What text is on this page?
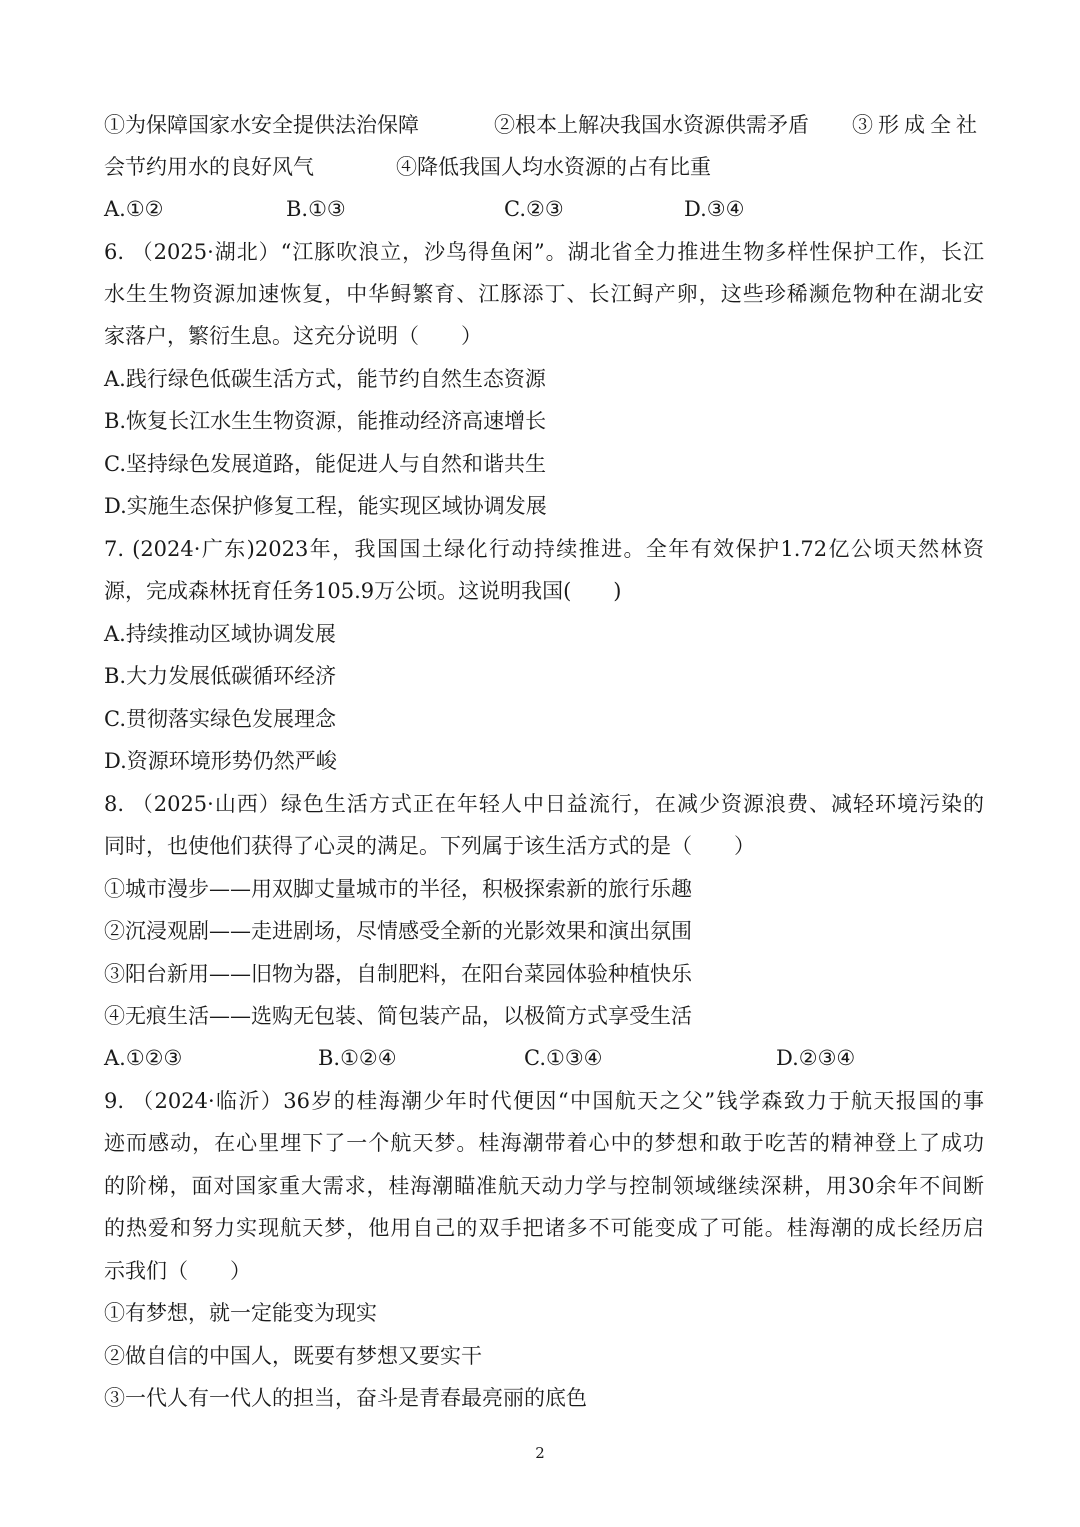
①为保障国家水安全提供法治保障	②根本上解决我国水资源供需矛盾 ③形成全社
会节约用水的良好风气	④降低我国人均水资源的占有比重
A.①②	B.①③	C.②③	D.③④
6. （2025·湖北）“江豚吹浪立，沙鸟得鱼闲”。湖北省全力推进生物多样性保护工作，长江
水生生物资源加速恢复，中华鲟繁育、江豚添丁、长江鲟产卵，这些珍稀濒危物种在湖北安
家落户，繁衍生息。这充分说明（　　）
A.践行绿色低碳生活方式，能节约自然生态资源
B.恢复长江水生生物资源，能推动经济高速增长
C.坚持绿色发展道路，能促进人与自然和谐共生
D.实施生态保护修复工程，能实现区域协调发展
7. (2024·广东)2023年，我国国土绿化行动持续推进。全年有效保护1.72亿公顷天然林资
源，完成森林抚育任务105.9万公顷。这说明我国(　　)
A.持续推动区域协调发展
B.大力发展低碳循环经济
C.贯彻落实绿色发展理念
D.资源环境形势仍然严峻
8. （2025·山西）绿色生活方式正在年轻人中日益流行，在减少资源浪费、减轻环境污染的
同时，也使他们获得了心灵的满足。下列属于该生活方式的是（　　）
①城市漫步——用双脚丈量城市的半径，积极探索新的旅行乐趣
②沉浸观剧——走进剧场，尽情感受全新的光影效果和演出氛围
③阳台新用——旧物为器，自制肥料，在阳台菜园体验种植快乐
④无痕生活——选购无包装、简包装产品，以极简方式享受生活
A.①②③	B.①②④	C.①③④	D.②③④
9. （2024·临沂）36岁的桂海潮少年时代便因“中国航天之父”钱学森致力于航天报国的事
迹而感动，在心里埋下了一个航天梦。桂海潮带着心中的梦想和敢于吃苦的精神登上了成功
的阶梯，面对国家重大需求，桂海潮瞄准航天动力学与控制领域继续深耕，用30余年不间断
的热爱和努力实现航天梦，他用自己的双手把诸多不可能变成了可能。桂海潮的成长经历启
示我们（　　）
①有梦想，就一定能变为现实
②做自信的中国人，既要有梦想又要实干
③一代人有一代人的担当，奋斗是青春最亮丽的底色
2
